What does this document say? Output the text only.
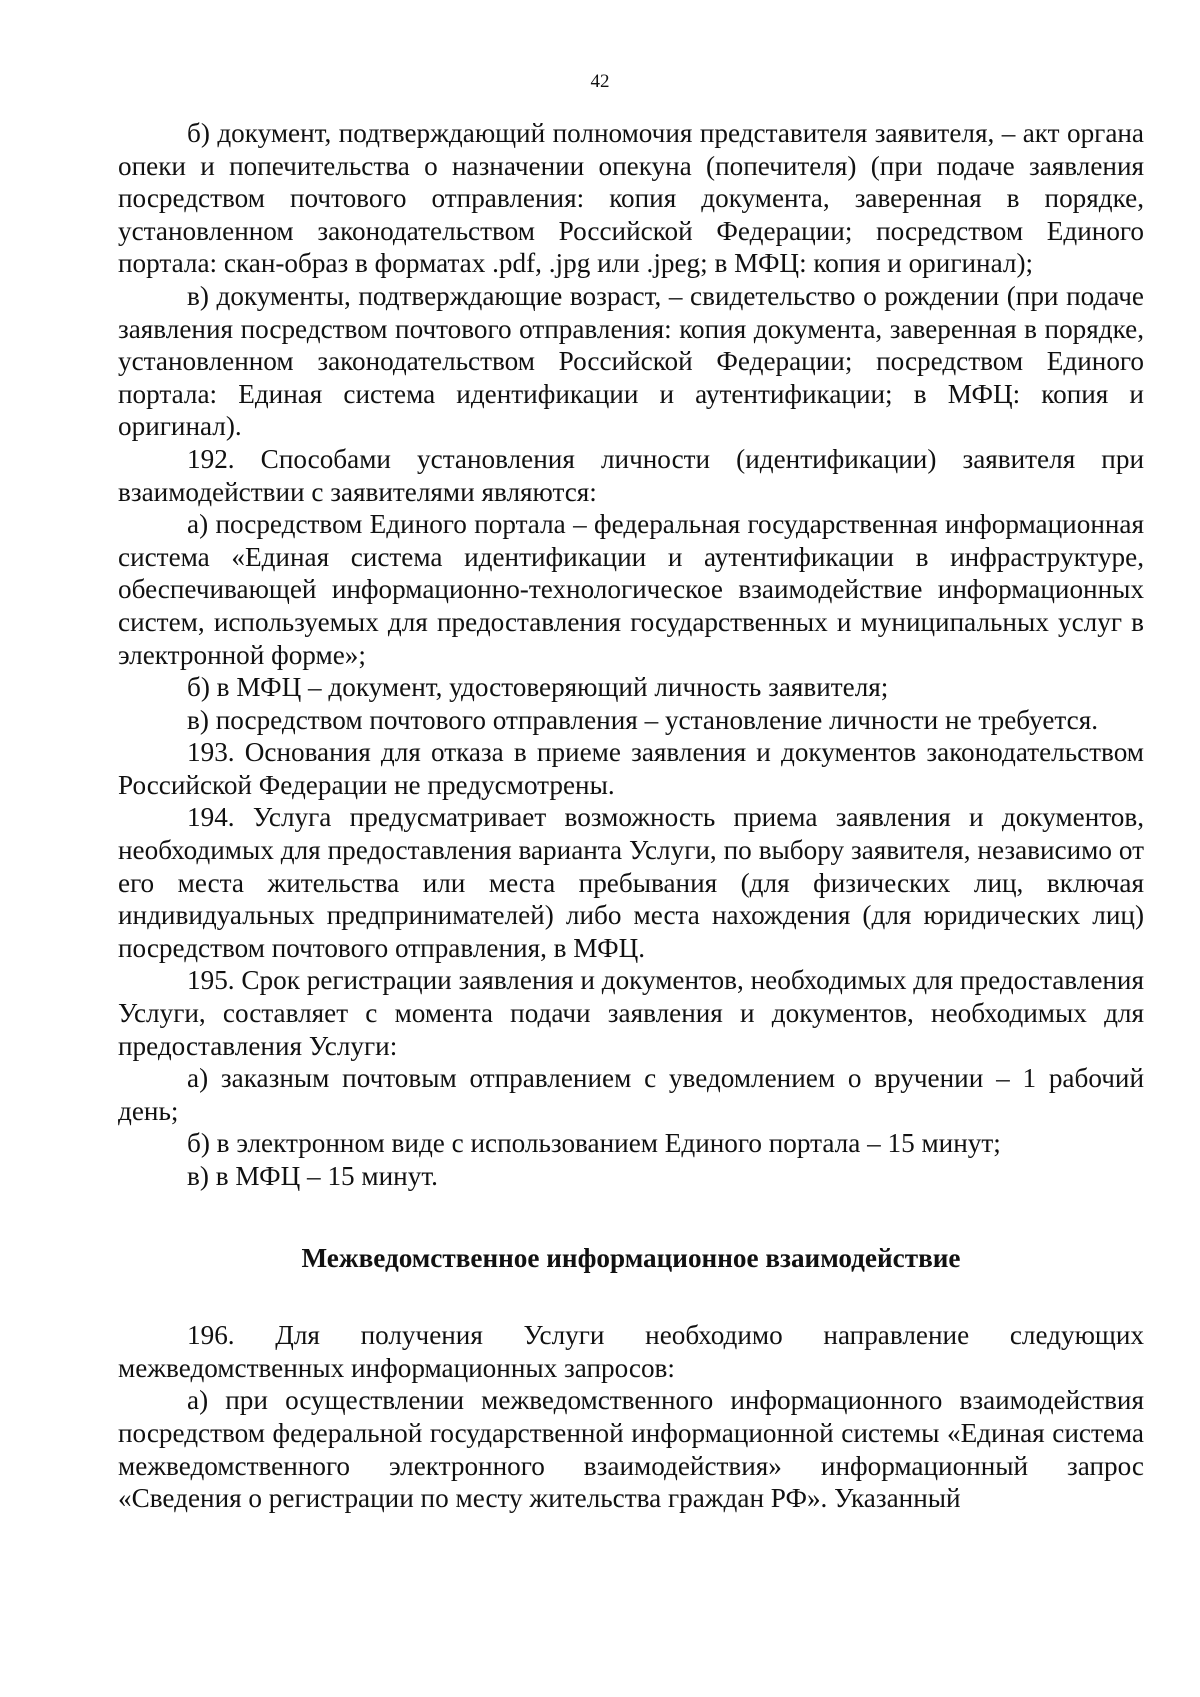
42

б) документ, подтверждающий полномочия представителя заявителя, – акт органа опеки и попечительства о назначении опекуна (попечителя) (при подаче заявления посредством почтового отправления: копия документа, заверенная в порядке, установленном законодательством Российской Федерации; посредством Единого портала: скан-образ в форматах .pdf, .jpg или .jpeg; в МФЦ: копия и оригинал);

в) документы, подтверждающие возраст, – свидетельство о рождении (при подаче заявления посредством почтового отправления: копия документа, заверенная в порядке, установленном законодательством Российской Федерации; посредством Единого портала: Единая система идентификации и аутентификации; в МФЦ: копия и оригинал).

192. Способами установления личности (идентификации) заявителя при взаимодействии с заявителями являются:

а) посредством Единого портала – федеральная государственная информационная система «Единая система идентификации и аутентификации в инфраструктуре, обеспечивающей информационно-технологическое взаимодействие информационных систем, используемых для предоставления государственных и муниципальных услуг в электронной форме»;

б) в МФЦ – документ, удостоверяющий личность заявителя;

в) посредством почтового отправления – установление личности не требуется.

193. Основания для отказа в приеме заявления и документов законодательством Российской Федерации не предусмотрены.

194. Услуга предусматривает возможность приема заявления и документов, необходимых для предоставления варианта Услуги, по выбору заявителя, независимо от его места жительства или места пребывания (для физических лиц, включая индивидуальных предпринимателей) либо места нахождения (для юридических лиц) посредством почтового отправления, в МФЦ.

195. Срок регистрации заявления и документов, необходимых для предоставления Услуги, составляет с момента подачи заявления и документов, необходимых для предоставления Услуги:

а) заказным почтовым отправлением с уведомлением о вручении – 1 рабочий день;

б) в электронном виде с использованием Единого портала – 15 минут;

в) в МФЦ – 15 минут.

Межведомственное информационное взаимодействие

196. Для получения Услуги необходимо направление следующих межведомственных информационных запросов:

а) при осуществлении межведомственного информационного взаимодействия посредством федеральной государственной информационной системы «Единая система межведомственного электронного взаимодействия» информационный запрос «Сведения о регистрации по месту жительства граждан РФ». Указанный
